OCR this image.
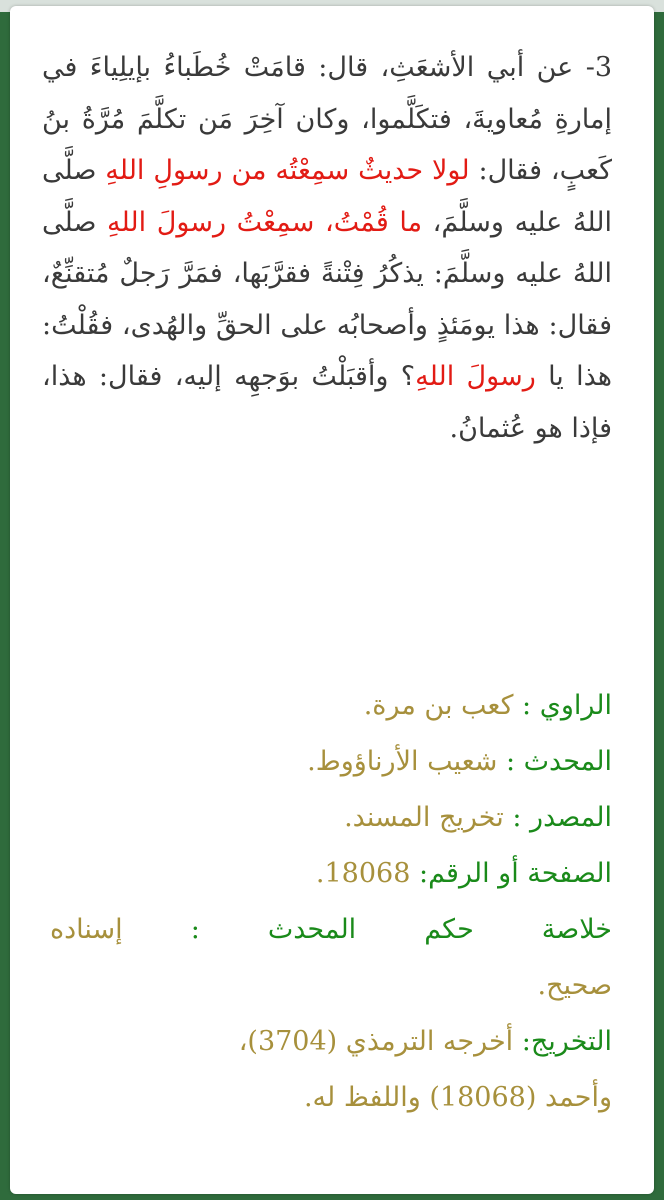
3- عن أبي الأشعَثِ، قال: قامَتْ خُطَباءُ بإيلِياءَ في إمارةِ مُعاويةَ، فتكَلَّموا، وكان آخِرَ مَن تكلَّمَ مُرَّةُ بنُ كَعبٍ، فقال: لولا حديثٌ سمِعْتُه من رسولِ اللهِ صلَّى اللهُ عليه وسلَّمَ، ما قُمْتُ، سمِعْتُ رسولَ اللهِ صلَّى اللهُ عليه وسلَّمَ: يذكُرُ فِتْنةً فقرَّبَها، فمَرَّ رَجلٌ مُتقنِّعٌ، فقال: هذا يومَئذٍ وأصحابُه على الحقِّ والهُدى، فقُلْتُ: هذا يا رسولَ اللهِ؟ وأقبَلْتُ بوَجهِه إليه، فقال: هذا، فإذا هو عُثمانُ.

الراوي : كعب بن مرة.
المحدث : شعيب الأرناؤوط.
المصدر : تخريج المسند.
الصفحة أو الرقم: 18068.
خلاصة
حكم
المحدث
:
إسناده
صحيح.
التخريج: أخرجه الترمذي (3704)،
وأحمد (18068) واللفظ له.
